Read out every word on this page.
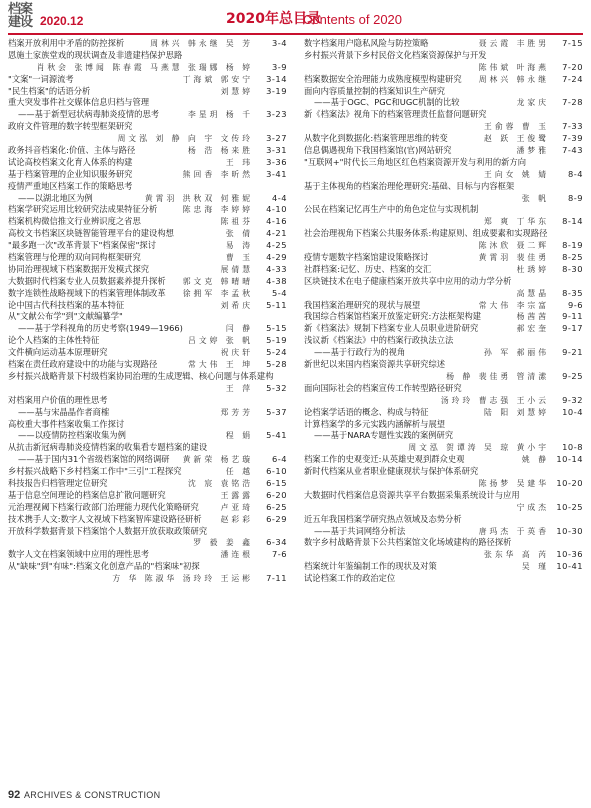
档案
建设 2020.12	2020年总目录
Contents of 2020
档案开放利用中矛盾的防控探析	周林兴 韩永继 吴 芳 3-4
恩施土家族堂戏的现状调查及非遗建档保护思路
肖秋会 张博闻 陈春霞 马燕慧 张瑞娜 杨 婷 3-9
"文案"一词源流考	丁海斌 郭安宁 3-14
"民生档案"的话语分析	刘慧婷 3-19
重大突发事件社交媒体信息归档与管理
——基于新型冠状病毒肺炎疫情的思考	李星玥 杨 千 3-23
政府文件管理的数字转型框架研究
周文泓 刘 静 向 宇 文传玲 3-27
政务抖音档案化:价值、主体与路径	杨 浩 杨来胜 3-31
试论高校档案文化育人体系的构建	王 玮 3-36
基于档案管理的企业知识服务研究	熊回香 李昕然 3-41
疫情严重地区档案工作的策略思考
——以湖北地区为例	黄霄羽 洪秋双 何雅妮 4-4
档案学研究运用比较研究法成果特征分析	陈忠海 李婷婷 4-10
档案机构微信推文行业辨识度之省思	陈祖芬 4-16
高校文书档案区块链智能管理平台的建设构想	张 倩 4-21
"最多跑一次"改革背景下"档案保密"探讨	易 涛 4-25
档案管理与伦理的双向同构框架研究	曹 玉 4-29
协同治理视域下档案数据开发模式探究	展倩慧 4-33
大数据时代档案专业人员数据素养提升探析 郭文克 韩晴晴 4-38
数字连锁性战略视域下的档案管理体制改革 徐拥军 李孟秋 5-4
论中国古代科技档案的基本特征	刘希庆 5-11
从"文献公布学"到"文献编纂学"
——基于学科视角的历史考察(1949—1966)	闫 静 5-15
论个人档案的主体性特征	吕文婷 张 帆 5-19
文件横向运动基本原理研究	祝庆轩 5-24
档案在责任政府建设中的功能与实现路径	常大伟 王 坤 5-28
乡村振兴战略背景下村级档案协同治理的生成逻辑、核心问题与体系建构
王 萍 5-32
对档案用户价值的理性思考
——基与宋晶晶作者商榷	郑芳芳 5-37
高校重大事件档案收集工作探讨
——以疫情防控档案收集为例	程 娟 5-41
从抗击新冠病毒肺炎疫情档案的收集看专题档案的建设
——基于国内31个省级档案馆的网络调研 黄新荣 杨艺璇 6-4
乡村振兴战略下乡村档案工作中"三引"工程探究	任 越 6-10
科技报告归档管理定位研究	沈 宸 袁铭浩 6-15
基于信息空间理论的档案信息扩散问题研究	王露露 6-20
元治理视阈下档案行政部门治理能力现代化策略研究	卢亚琦 6-25
技术携手人文:数字人文视域下档案智库建设路径研析 赵彩彩 6-29
开放科学数据背景下档案馆个人数据开放获取政策研究
罗 毅 姜 鑫 6-34
数字人文在档案领域中应用的理性思考	潘连根 7-6
从"缺味"到"有味":档案文化创意产品的"档案味"初探
方 华 陈淑华 汤玲玲 王运彬 7-11
数字档案用户隐私风险与防控策略	聂云霞 丰胜男 7-15
乡村振兴背景下乡村民俗文化档案资源保护与开发
陈伟斌 叶海燕 7-20
档案数据安全治理能力成熟度模型构建研究 周林兴 韩永继 7-24
面向内容质量控制的档案知识生产研究
——基于OGC、PGC和UGC机制的比较	龙家庆 7-28
新《档案法》视角下的档案管理责任监督问题研究
王俞蓉 曹 玉 7-33
从数字化到数据化:档案管理思维的转变	赵 跃 王俊鹭 7-39
信息偶遇视角下我国档案馆(官)网站研究	潘梦雅 7-43
"互联网+"时代长三角地区红色档案资源开发与利用的新方向
王向女 姚 婧 8-4
基于主体视角的档案治理伦理研究:基础、目标与内容框架
张 帆 8-9
公民在档案记忆再生产中的角色定位与实现机制
郑 爽 丁华东 8-14
社会治理视角下档案公共服务体系:构建原则、组成要素和实现路径
陈沐欣 聂二辉 8-19
疫情专题数字档案馆建设策略探讨	黄霄羽 裴佳勇 8-25
社群档案:记忆、历史、档案的交汇	杜琇婷 8-30
区块链技术在电子健康档案开放共享中应用的动力学分析
高慧晶 8-35
我国档案治理研究的现状与展望	常大伟 李宗富 9-6
我国综合档案馆档案开放鉴定研究:方法框架构建	杨茜茜 9-11
新《档案法》规制下档案专业人员职业进阶研究	郝宏奎 9-17
浅议新《档案法》中的档案行政执法立法
——基于行政行为的视角	孙 军 郝丽伟 9-21
新世纪以来国内档案资源共享研究综述
杨 静 裴佳勇 管清潆 9-25
面向国际社会的档案宣传工作转型路径研究
汤玲玲 曹志强 王小云 9-32
论档案学话语的概念、构成与特征	陆 阳 刘慧婷 10-4
计算档案学的多元实践内涵解析与展望
——基于NARA专题性实践的案例研究
周文泓 贺谭涛 吴 琼 黄小宇 10-8
档案工作的史观变迁:从英雄史观到群众史观	姚 静 10-14
新时代档案从业者职业健康现状与保护体系研究
陈扬梦 吴建华 10-20
大数据时代档案信息资源共享平台数据采集系统设计与应用
宁成杰 10-25
近五年我国档案学研究热点领域及态势分析
——基于共词网络分析法	唐玛杰 于英香 10-30
数字乡村战略背景下公共档案馆文化场域建构的路径探析
张东华 高 芮 10-36
档案统计年鉴编制工作的现状及对策	吴 瑾 10-41
试论档案工作的政治定位
92 ARCHIVES & CONSTRUCTION
